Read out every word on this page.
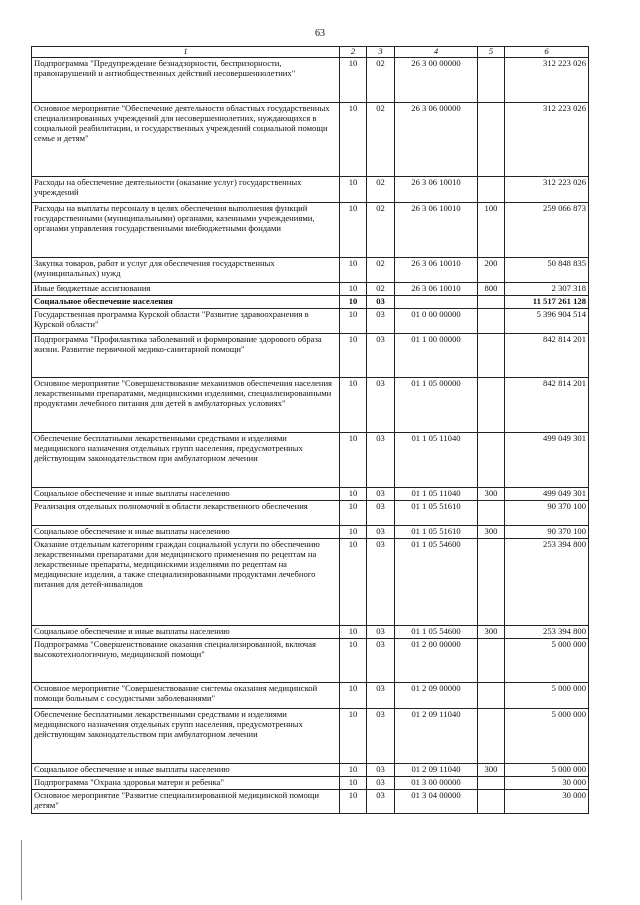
63
1	2	3	4	5	6
Подпрограмма "Предупреждение безнадзорности, беспризорности, правонарушений и антиобщественных действий несовершеннолетних"	10	02	26 3 00 00000		312 223 026
Основное мероприятие "Обеспечение деятельности областных государственных специализированных учреждений для несовершеннолетних, нуждающихся в социальной реабилитации, и государственных учреждений социальной помощи семье и детям"	10	02	26 3 06 00000		312 223 026
Расходы на обеспечение деятельности (оказание услуг) государственных учреждений	10	02	26 3 06 10010		312 223 026
Расходы на выплаты персоналу в целях обеспечения выполнения функций государственными (муниципальными) органами, казенными учреждениями, органами управления государственными внебюджетными фондами	10	02	26 3 06 10010	100	259 066 873
Закупка товаров, работ и услуг для обеспечения государственных (муниципальных) нужд	10	02	26 3 06 10010	200	50 848 835
Иные бюджетные ассигнования	10	02	26 3 06 10010	800	2 307 318
Социальное обеспечение населения	10	03			11 517 261 128
Государственная программа Курской области "Развитие здравоохранения в Курской области"	10	03	01 0 00 00000		5 396 904 514
Подпрограмма "Профилактика заболеваний и формирование здорового образа жизни. Развитие первичной медико-санитарной помощи"	10	03	01 1 00 00000		842 814 201
Основное мероприятие "Совершенствование механизмов обеспечения населения лекарственными препаратами, медицинскими изделиями, специализированными продуктами лечебного питания для детей в амбулаторных условиях"	10	03	01 1 05 00000		842 814 201
Обеспечение бесплатными лекарственными средствами и изделиями медицинского назначения отдельных групп населения, предусмотренных действующим законодательством при амбулаторном лечении	10	03	01 1 05 11040		499 049 301
Социальное обеспечение и иные выплаты населению	10	03	01 1 05 11040	300	499 049 301
Реализация отдельных полномочий в области лекарственного обеспечения	10	03	01 1 05 51610		90 370 100
Социальное обеспечение и иные выплаты населению	10	03	01 1 05 51610	300	90 370 100
Оказание отдельным категориям граждан социальной услуги по обеспечению лекарственными препаратами для медицинского применения по рецептам на лекарственные препараты, медицинскими изделиями по рецептам на медицинские изделия, а также специализированными продуктами лечебного питания для детей-инвалидов	10	03	01 1 05 54600		253 394 800
Социальное обеспечение и иные выплаты населению	10	03	01 1 05 54600	300	253 394 800
Подпрограмма "Совершенствование оказания специализированной, включая высокотехнологичную, медицинской помощи"	10	03	01 2 00 00000		5 000 000
Основное мероприятие "Совершенствование системы оказания медицинской помощи больным с сосудистыми заболеваниями"	10	03	01 2 09 00000		5 000 000
Обеспечение бесплатными лекарственными средствами и изделиями медицинского назначения отдельных групп населения, предусмотренных действующим законодательством при амбулаторном лечении	10	03	01 2 09 11040		5 000 000
Социальное обеспечение и иные выплаты населению	10	03	01 2 09 11040	300	5 000 000
Подпрограмма "Охрана здоровья матери и ребенка"	10	03	01 3 00 00000		30 000
Основное мероприятие "Развитие специализированной медицинской помощи детям"	10	03	01 3 04 00000		30 000
